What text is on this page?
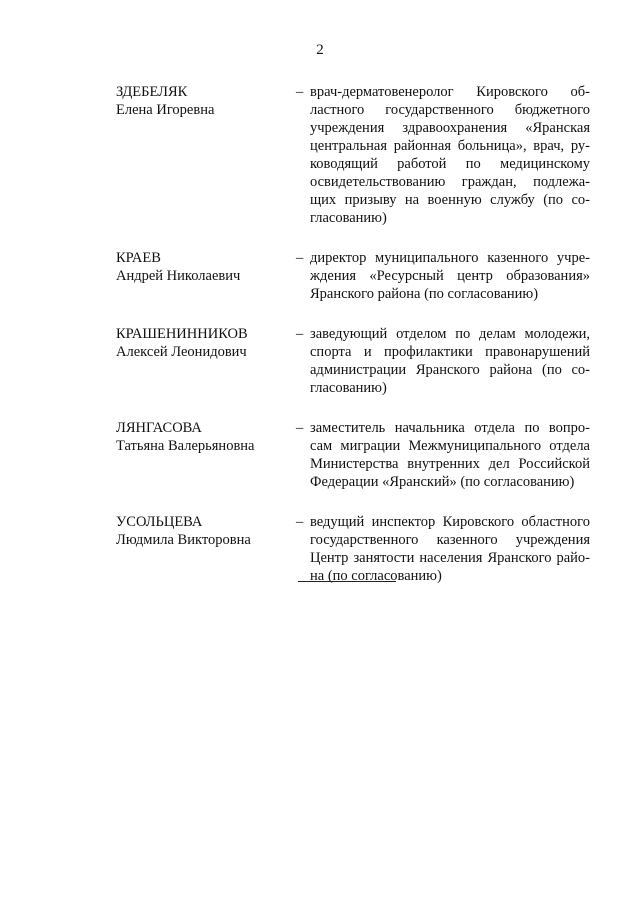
2
ЗДЕБЕЛЯК
Елена Игоревна
– врач-дерматовенеролог Кировского об-
ластного государственного бюджетного
учреждения здравоохранения «Яранская
центральная районная больница», врач, ру-
ководящий работой по медицинскому
освидетельствованию граждан, подлежа-
щих призыву на военную службу (по со-
гласованию)
КРАЕВ
Андрей Николаевич
– директор муниципального казенного учре-
ждения «Ресурсный центр образования»
Яранского района (по согласованию)
КРАШЕНИННИКОВ
Алексей Леонидович
– заведующий отделом по делам молодежи,
спорта и профилактики правонарушений
администрации Яранского района (по со-
гласованию)
ЛЯНГАСОВА
Татьяна Валерьяновна
– заместитель начальника отдела по вопро-
сам миграции Межмуниципального отдела
Министерства внутренних дел Российской
Федерации «Яранский» (по согласованию)
УСОЛЬЦЕВА
Людмила Викторовна
– ведущий инспектор Кировского областного
государственного казенного учреждения
Центр занятости населения Яранского райо-
на (по согласованию)
